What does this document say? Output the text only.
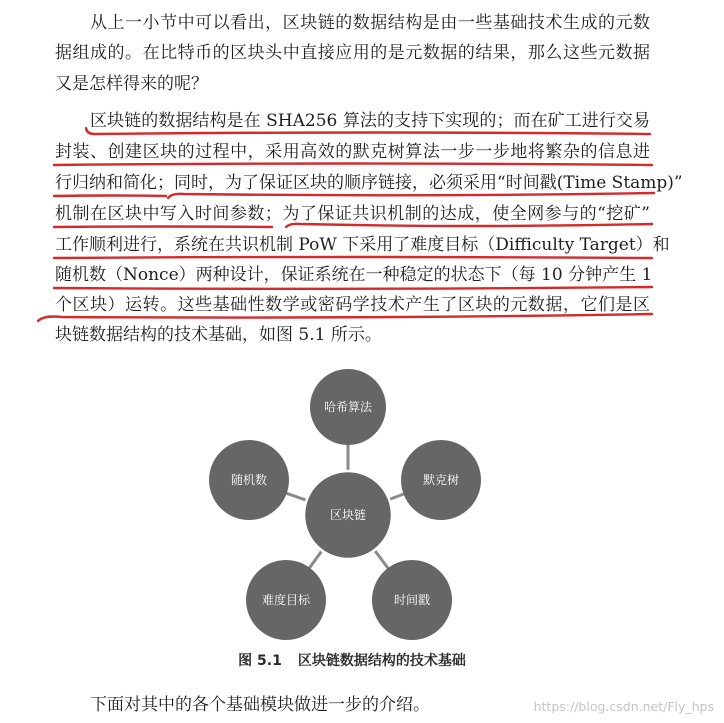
从上一小节中可以看出，区块链的数据结构是由一些基础技术生成的元数
据组成的。在比特币的区块头中直接应用的是元数据的结果，那么这些元数据
又是怎样得来的呢？
区块链的数据结构是在 SHA256 算法的支持下实现的；而在矿工进行交易
封装、创建区块的过程中，采用高效的默克树算法一步一步地将繁杂的信息进
行归纳和简化；同时，为了保证区块的顺序链接，必须采用“时间戳(Time Stamp)”
机制在区块中写入时间参数；为了保证共识机制的达成，使全网参与的“挖矿”
工作顺利进行，系统在共识机制 PoW 下采用了难度目标（Difficulty Target）和
随机数（Nonce）两种设计，保证系统在一种稳定的状态下（每 10 分钟产生 1
个区块）运转。这些基础性数学或密码学技术产生了区块的元数据，它们是区
块链数据结构的技术基础，如图 5.1 所示。
哈希算法
默克树
时间戳
难度目标
随机数
区块链
图 5.1 区块链数据结构的技术基础
下面对其中的各个基础模块做进一步的介绍。	https://blog.csdn.net/Fly_hps
